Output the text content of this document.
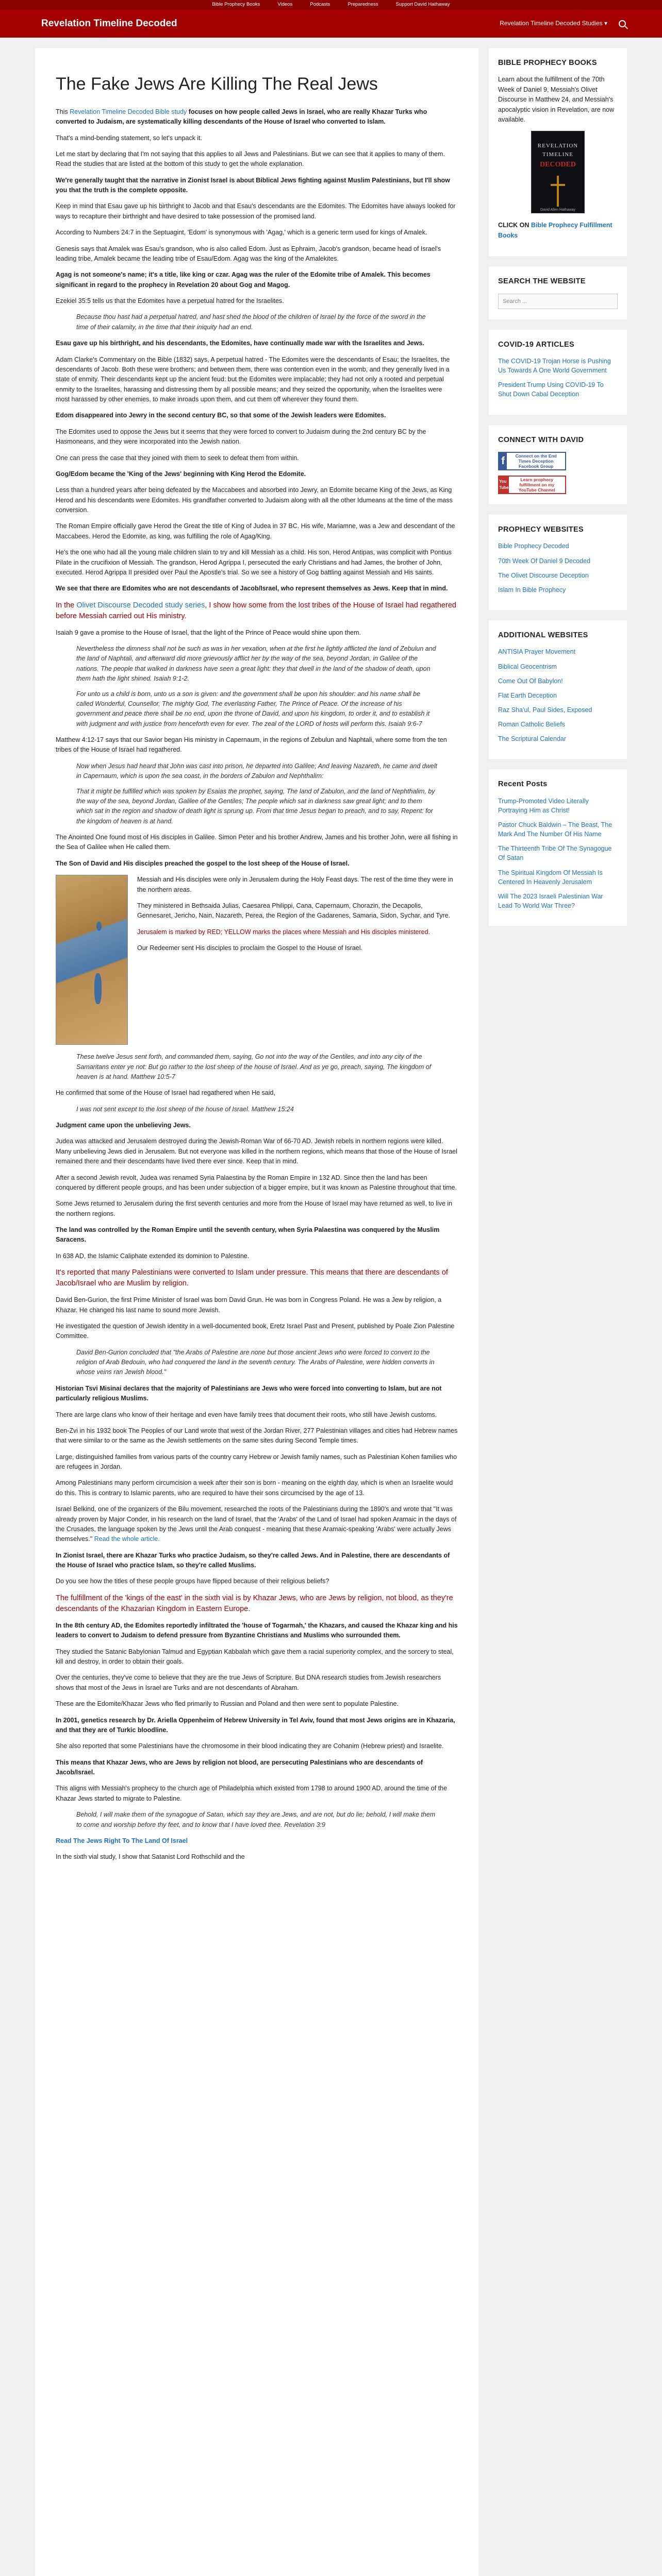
Bible Prophecy Books	Videos	Podcasts	Preparedness	Support David Hathaway
Revelation Timeline Decoded	Revelation Timeline Decoded Studies ▾
The Fake Jews Are Killing The Real Jews

This Revelation Timeline Decoded Bible study focuses on how people called Jews in Israel, who are really Khazar Turks who converted to Judaism, are systematically killing descendants of the House of Israel who converted to Islam.

That's a mind-bending statement, so let's unpack it.

Let me start by declaring that I'm not saying that this applies to all Jews and Palestinians. But we can see that it applies to many of them. Read the studies that are listed at the bottom of this study to get the whole explanation.

We're generally taught that the narrative in Zionist Israel is about Biblical Jews fighting against Muslim Palestinians, but I'll show you that the truth is the complete opposite.

Keep in mind that Esau gave up his birthright to Jacob and that Esau's descendants are the Edomites. The Edomites have always looked for ways to recapture their birthright and have desired to take possession of the promised land.

According to Numbers 24:7 in the Septuagint, 'Edom' is synonymous with 'Agag,' which is a generic term used for kings of Amalek.

Genesis says that Amalek was Esau's grandson, who is also called Edom. Just as Ephraim, Jacob's grandson, became head of Israel's leading tribe, Amalek became the leading tribe of Esau/Edom. Agag was the king of the Amalekites.

Agag is not someone's name; it's a title, like king or czar. Agag was the ruler of the Edomite tribe of Amalek. This becomes significant in regard to the prophecy in Revelation 20 about Gog and Magog.

Ezekiel 35:5 tells us that the Edomites have a perpetual hatred for the Israelites.

Because thou hast had a perpetual hatred, and hast shed the blood of the children of Israel by the force of the sword in the time of their calamity, in the time that their iniquity had an end.

Esau gave up his birthright, and his descendants, the Edomites, have continually made war with the Israelites and Jews.

Adam Clarke's Commentary on the Bible (1832) says, A perpetual hatred - The Edomites were the descendants of Esau; the Israelites, the descendants of Jacob. Both these were brothers; and between them, there was contention even in the womb, and they generally lived in a state of enmity. Their descendants kept up the ancient feud: but the Edomites were implacable; they had not only a rooted and perpetual enmity to the Israelites, harassing and distressing them by all possible means; and they seized the opportunity, when the Israelites were most harassed by other enemies, to make inroads upon them, and cut them off wherever they found them.

Edom disappeared into Jewry in the second century BC, so that some of the Jewish leaders were Edomites.

The Edomites used to oppose the Jews but it seems that they were forced to convert to Judaism during the 2nd century BC by the Hasmoneans, and they were incorporated into the Jewish nation.

One can press the case that they joined with them to seek to defeat them from within.

Gog/Edom became the 'King of the Jews' beginning with King Herod the Edomite.

Less than a hundred years after being defeated by the Maccabees and absorbed into Jewry, an Edomite became King of the Jews, as King Herod and his descendants were Edomites. His grandfather converted to Judaism along with all the other Idumeans at the time of the mass conversion.

The Roman Empire officially gave Herod the Great the title of King of Judea in 37 BC. His wife, Mariamne, was a Jew and descendant of the Maccabees. Herod the Edomite, as king, was fulfilling the role of Agag/King.

He's the one who had all the young male children slain to try and kill Messiah as a child. His son, Herod Antipas, was complicit with Pontius Pilate in the crucifixion of Messiah. The grandson, Herod Agrippa I, persecuted the early Christians and had James, the brother of John, executed. Herod Agrippa II presided over Paul the Apostle's trial. So we see a history of Gog battling against Messiah and His saints.

We see that there are Edomites who are not descendants of Jacob/Israel, who represent themselves as Jews. Keep that in mind.

In the Olivet Discourse Decoded study series, I show how some from the lost tribes of the House of Israel had regathered before Messiah carried out His ministry.

Isaiah 9 gave a promise to the House of Israel, that the light of the Prince of Peace would shine upon them.

Nevertheless the dimness shall not be such as was in her vexation, when at the first he lightly afflicted the land of Zebulun and the land of Naphtali, and afterward did more grievously afflict her by the way of the sea, beyond Jordan, in Galilee of the nations. The people that walked in darkness have seen a great light: they that dwell in the land of the shadow of death, upon them hath the light shined. Isaiah 9:1-2.

For unto us a child is born, unto us a son is given: and the government shall be upon his shoulder: and his name shall be called Wonderful, Counsellor, The mighty God, The everlasting Father, The Prince of Peace. Of the increase of his government and peace there shall be no end, upon the throne of David, and upon his kingdom, to order it, and to establish it with judgment and with justice from henceforth even for ever. The zeal of the LORD of hosts will perform this. Isaiah 9:6-7

Matthew 4:12-17 says that our Savior began His ministry in Capernaum, in the regions of Zebulun and Naphtali, where some from the ten tribes of the House of Israel had regathered.

Now when Jesus had heard that John was cast into prison, he departed into Galilee; And leaving Nazareth, he came and dwelt in Capernaum, which is upon the sea coast, in the borders of Zabulon and Nephthalim:

That it might be fulfilled which was spoken by Esaias the prophet, saying, The land of Zabulon, and the land of Nephthalim, by the way of the sea, beyond Jordan, Galilee of the Gentiles; The people which sat in darkness saw great light; and to them which sat in the region and shadow of death light is sprung up. From that time Jesus began to preach, and to say, Repent: for the kingdom of heaven is at hand.

The Anointed One found most of His disciples in Galilee. Simon Peter and his brother Andrew, James and his brother John, were all fishing in the Sea of Galilee when He called them.

The Son of David and His disciples preached the gospel to the lost sheep of the House of Israel.

Messiah and His disciples were only in Jerusalem during the Holy Feast days. The rest of the time they were in the northern areas.

They ministered in Bethsaida Julias, Caesarea Philippi, Cana, Capernaum, Chorazin, the Decapolis, Gennesaret, Jericho, Nain, Nazareth, Perea, the Region of the Gadarenes, Samaria, Sidon, Sychar, and Tyre.

Jerusalem is marked by RED; YELLOW marks the places where Messiah and His disciples ministered.

Our Redeemer sent His disciples to proclaim the Gospel to the House of Israel.

These twelve Jesus sent forth, and commanded them, saying, Go not into the way of the Gentiles, and into any city of the Samaritans enter ye not: But go rather to the lost sheep of the house of Israel. And as ye go, preach, saying, The kingdom of heaven is at hand. Matthew 10:5-7

He confirmed that some of the House of Israel had regathered when He said,

I was not sent except to the lost sheep of the house of Israel. Matthew 15:24

Judgment came upon the unbelieving Jews.

Judea was attacked and Jerusalem destroyed during the Jewish-Roman War of 66-70 AD. Jewish rebels in northern regions were killed. Many unbelieving Jews died in Jerusalem. But not everyone was killed in the northern regions, which means that those of the House of Israel remained there and their descendants have lived there ever since. Keep that in mind.

After a second Jewish revolt, Judea was renamed Syria Palaestina by the Roman Empire in 132 AD. Since then the land has been conquered by different people groups, and has been under subjection of a bigger empire, but it was known as Palestine throughout that time.

Some Jews returned to Jerusalem during the first seventh centuries and more from the House of Israel may have returned as well, to live in the northern regions.

The land was controlled by the Roman Empire until the seventh century, when Syria Palaestina was conquered by the Muslim Saracens.

In 638 AD, the Islamic Caliphate extended its dominion to Palestine.

It's reported that many Palestinians were converted to Islam under pressure. This means that there are descendants of Jacob/Israel who are Muslim by religion.

David Ben-Gurion, the first Prime Minister of Israel was born David Grun. He was born in Congress Poland. He was a Jew by religion, a Khazar. He changed his last name to sound more Jewish.

He investigated the question of Jewish identity in a well-documented book, Eretz Israel Past and Present, published by Poale Zion Palestine Committee.

David Ben-Gurion concluded that "the Arabs of Palestine are none but those ancient Jews who were forced to convert to the religion of Arab Bedouin, who had conquered the land in the seventh century. The Arabs of Palestine, were hidden converts in whose veins ran Jewish blood."

Historian Tsvi Misinai declares that the majority of Palestinians are Jews who were forced into converting to Islam, but are not particularly religious Muslims.

There are large clans who know of their heritage and even have family trees that document their roots, who still have Jewish customs.

Ben-Zvi in his 1932 book The Peoples of our Land wrote that west of the Jordan River, 277 Palestinian villages and cities had Hebrew names that were similar to or the same as the Jewish settlements on the same sites during Second Temple times.

Large, distinguished families from various parts of the country carry Hebrew or Jewish family names, such as Palestinian Kohen families who are refugees in Jordan.

Among Palestinians many perform circumcision a week after their son is born - meaning on the eighth day, which is when an Israelite would do this. This is contrary to Islamic parents, who are required to have their sons circumcised by the age of 13.

Israel Belkind, one of the organizers of the Bilu movement, researched the roots of the Palestinians during the 1890's and wrote that "It was already proven by Major Conder, in his research on the land of Israel, that the 'Arabs' of the Land of Israel had spoken Aramaic in the days of the Crusades, the language spoken by the Jews until the Arab conquest - meaning that these Aramaic-speaking 'Arabs' were actually Jews themselves." Read the whole article.

In Zionist Israel, there are Khazar Turks who practice Judaism, so they're called Jews. And in Palestine, there are descendants of the House of Israel who practice Islam, so they're called Muslims.

Do you see how the titles of these people groups have flipped because of their religious beliefs?

The fulfillment of the 'kings of the east' in the sixth vial is by Khazar Jews, who are Jews by religion, not blood, as they're descendants of the Khazarian Kingdom in Eastern Europe.

In the 8th century AD, the Edomites reportedly infiltrated the 'house of Togarmah,' the Khazars, and caused the Khazar king and his leaders to convert to Judaism to defend pressure from Byzantine Christians and Muslims who surrounded them.

They studied the Satanic Babylonian Talmud and Egyptian Kabbalah which gave them a racial superiority complex, and the sorcery to steal, kill and destroy, in order to obtain their goals.

Over the centuries, they've come to believe that they are the true Jews of Scripture. But DNA research studies from Jewish researchers shows that most of the Jews in Israel are Turks and are not descendants of Abraham.

These are the Edomite/Khazar Jews who fled primarily to Russian and Poland and then were sent to populate Palestine.

In 2001, genetics research by Dr. Ariella Oppenheim of Hebrew University in Tel Aviv, found that most Jews origins are in Khazaria, and that they are of Turkic bloodline.

She also reported that some Palestinians have the chromosome in their blood indicating they are Cohanim (Hebrew priest) and Israelite.

This means that Khazar Jews, who are Jews by religion not blood, are persecuting Palestinians who are descendants of Jacob/Israel.

This aligns with Messiah's prophecy to the church age of Philadelphia which existed from 1798 to around 1900 AD, around the time of the Khazar Jews started to migrate to Palestine.

Behold, I will make them of the synagogue of Satan, which say they are Jews, and are not, but do lie; behold, I will make them to come and worship before thy feet, and to know that I have loved thee. Revelation 3:9

Read The Jews Right To The Land Of Israel

In the sixth vial study, I show that Satanist Lord Rothschild and the

BIBLE PROPHECY BOOKS

Learn about the fulfillment of the 70th Week of Daniel 9, Messiah's Olivet Discourse in Matthew 24, and Messiah's apocalyptic vision in Revelation, are now available.

REVELATION
TIMELINE
DECODED
David Allen Hathaway

CLICK ON Bible Prophecy Fulfillment Books

SEARCH THE WEBSITE
Search ...
COVID-19 ARTICLES
The COVID-19 Trojan Horse is Pushing Us Towards A One World Government
President Trump Using COVID-19 To Shut Down Cabal Deception
CONNECT WITH DAVID
f	Connect on the End Times Deception Facebook Group
You Tube
Learn prophecy fulfillment on my YouTube Channel
PROPHECY WEBSITES
Bible Prophecy Decoded
70th Week Of Daniel 9 Decoded
The Olivet Discourse Deception
Islam In Bible Prophecy
ADDITIONAL WEBSITES
ANTISIA Prayer Movement
Biblical Geocentrism
Come Out Of Babylon!
Flat Earth Deception
Raz Sha'ul, Paul Sides, Exposed
Roman Catholic Beliefs
The Scriptural Calendar
Recent Posts
Trump-Promoted Video Literally Portraying Him as Christ!
Pastor Chuck Baldwin – The Beast, The Mark And The Number Of His Name
The Thirteenth Tribe Of The Synagogue Of Satan
The Spiritual Kingdom Of Messiah Is Centered In Heavenly Jerusalem
Will The 2023 Israeli Palestinian War Lead To World War Three?
